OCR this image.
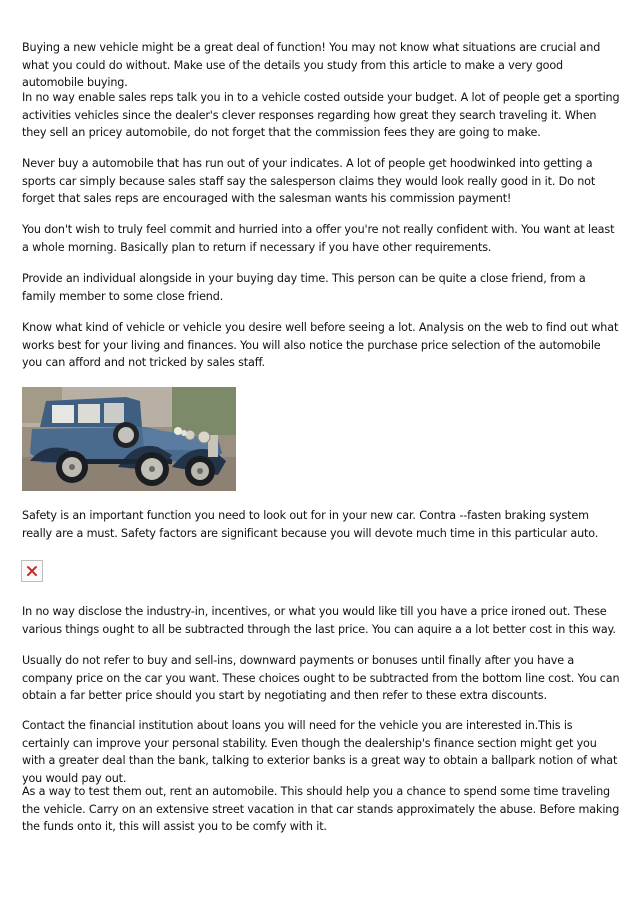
Buying a new vehicle might be a great deal of function! You may not know what situations are crucial and what you could do without. Make use of the details you study from this article to make a very good automobile buying.

In no way enable sales reps talk you in to a vehicle costed outside your budget. A lot of people get a sporting activities vehicles since the dealer's clever responses regarding how great they search traveling it. When they sell an pricey automobile, do not forget that the commission fees they are going to make.

Never buy a automobile that has run out of your indicates. A lot of people get hoodwinked into getting a sports car simply because sales staff say the salesperson claims they would look really good in it. Do not forget that sales reps are encouraged with the salesman wants his commission payment!

You don't wish to truly feel commit and hurried into a offer you're not really confident with. You want at least a whole morning. Basically plan to return if necessary if you have other requirements.

Provide an individual alongside in your buying day time. This person can be quite a close friend, from a family member to some close friend.

Know what kind of vehicle or vehicle you desire well before seeing a lot. Analysis on the web to find out what works best for your living and finances. You will also notice the purchase price selection of the automobile you can afford and not tricked by sales staff.

Safety is an important function you need to look out for in your new car. Contra --fasten braking system really are a must. Safety factors are significant because you will devote much time in this particular auto.

In no way disclose the industry-in, incentives, or what you would like till you have a price ironed out. These various things ought to all be subtracted through the last price. You can aquire a a lot better cost in this way.

Usually do not refer to buy and sell-ins, downward payments or bonuses until finally after you have a company price on the car you want. These choices ought to be subtracted from the bottom line cost. You can obtain a far better price should you start by negotiating and then refer to these extra discounts.

Contact the financial institution about loans you will need for the vehicle you are interested in.This is certainly can improve your personal stability. Even though the dealership's finance section might get you with a greater deal than the bank, talking to exterior banks is a great way to obtain a ballpark notion of what you would pay out.

As a way to test them out, rent an automobile. This should help you a chance to spend some time traveling the vehicle. Carry on an extensive street vacation in that car stands approximately the abuse. Before making the funds onto it, this will assist you to be comfy with it.
